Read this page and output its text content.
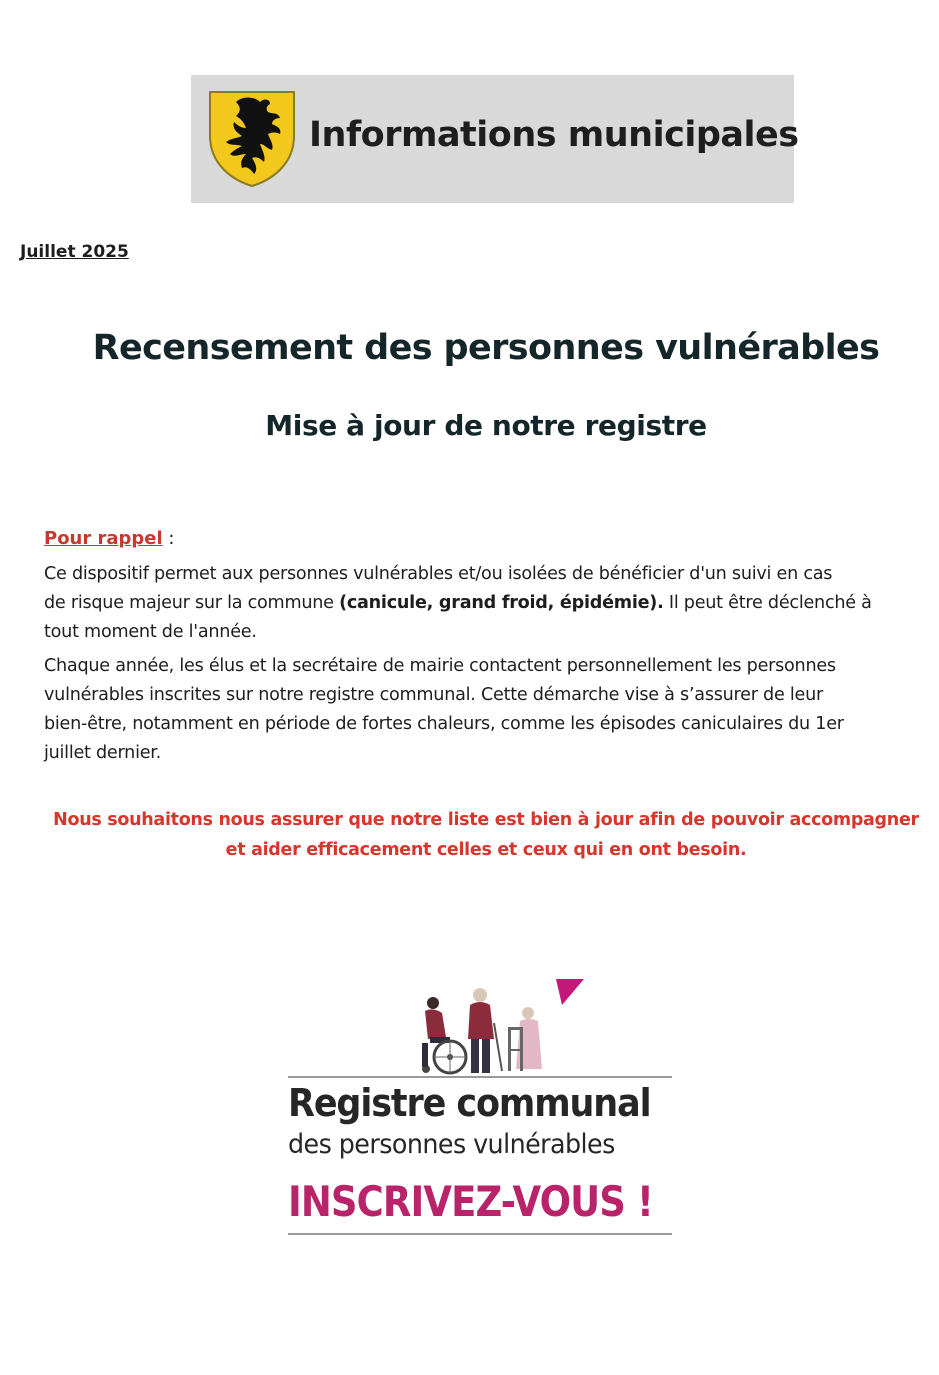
Informations municipales
Juillet 2025
Recensement des personnes vulnérables
Mise à jour de notre registre
Pour rappel :
Ce dispositif permet aux personnes vulnérables et/ou isolées de bénéficier d'un suivi en cas
de risque majeur sur la commune (canicule, grand froid, épidémie). Il peut être déclenché à
tout moment de l'année.
Chaque année, les élus et la secrétaire de mairie contactent personnellement les personnes
vulnérables inscrites sur notre registre communal. Cette démarche vise à s’assurer de leur
bien-être, notamment en période de fortes chaleurs, comme les épisodes caniculaires du 1er
juillet dernier.
Nous souhaitons nous assurer que notre liste est bien à jour afin de pouvoir accompagner
et aider efficacement celles et ceux qui en ont besoin.
Registre communal
des personnes vulnérables
INSCRIVEZ-VOUS !
